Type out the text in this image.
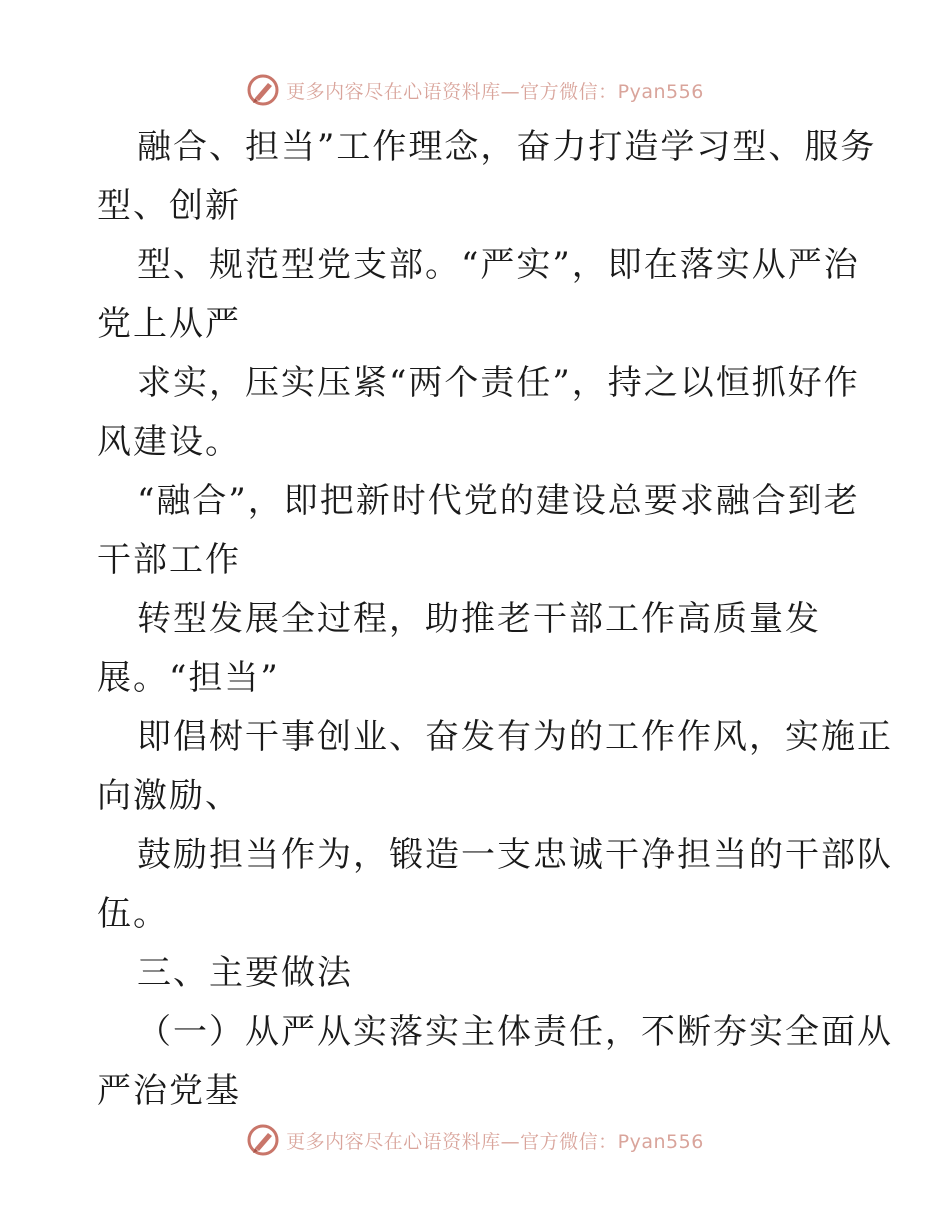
更多内容尽在心语资料库—官方微信：Pyan556

融合、担当”工作理念，奋力打造学习型、服务

型、创新

型、规范型党支部。“严实”，即在落实从严治

党上从严

求实，压实压紧“两个责任”，持之以恒抓好作

风建设。

“融合”，即把新时代党的建设总要求融合到老

干部工作

转型发展全过程，助推老干部工作高质量发

展。“担当”

即倡树干事创业、奋发有为的工作作风，实施正

向激励、

鼓励担当作为，锻造一支忠诚干净担当的干部队

伍。

三、主要做法

（一）从严从实落实主体责任，不断夯实全面从

严治党基

更多内容尽在心语资料库—官方微信：Pyan556
